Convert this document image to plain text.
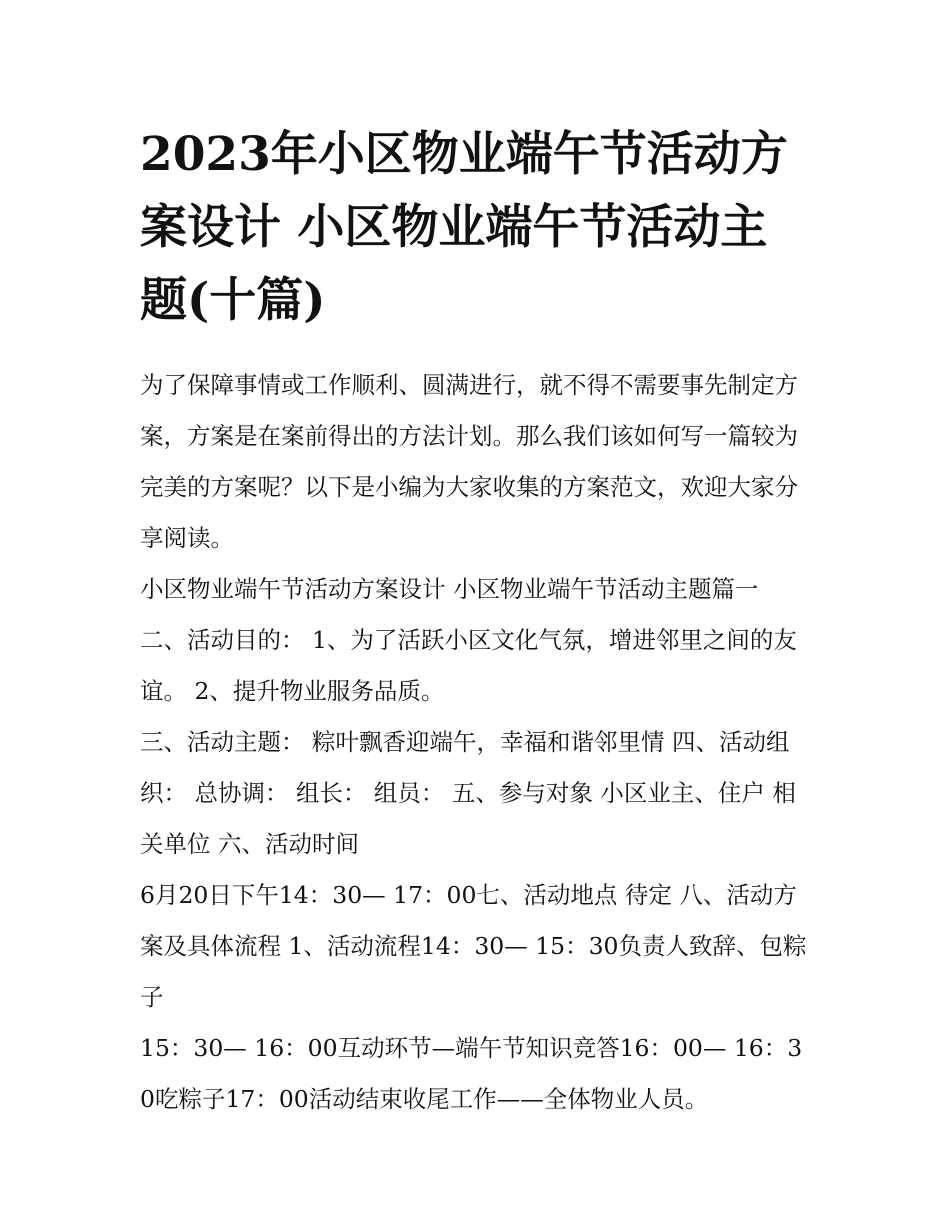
2023年小区物业端午节活动方案设计 小区物业端午节活动主题(十篇)

为了保障事情或工作顺利、圆满进行，就不得不需要事先制定方案，方案是在案前得出的方法计划。那么我们该如何写一篇较为完美的方案呢？以下是小编为大家收集的方案范文，欢迎大家分享阅读。

小区物业端午节活动方案设计 小区物业端午节活动主题篇一

二、活动目的： 1、为了活跃小区文化气氛，增进邻里之间的友谊。 2、提升物业服务品质。

三、活动主题： 粽叶飘香迎端午，幸福和谐邻里情 四、活动组织： 总协调： 组长： 组员： 五、参与对象 小区业主、住户 相关单位 六、活动时间

6月20日下午14：30— 17：00七、活动地点 待定 八、活动方案及具体流程 1、活动流程14：30— 15：30负责人致辞、包粽子

15：30— 16：00互动环节—端午节知识竞答16：00— 16：30吃粽子17：00活动结束收尾工作——全体物业人员。
